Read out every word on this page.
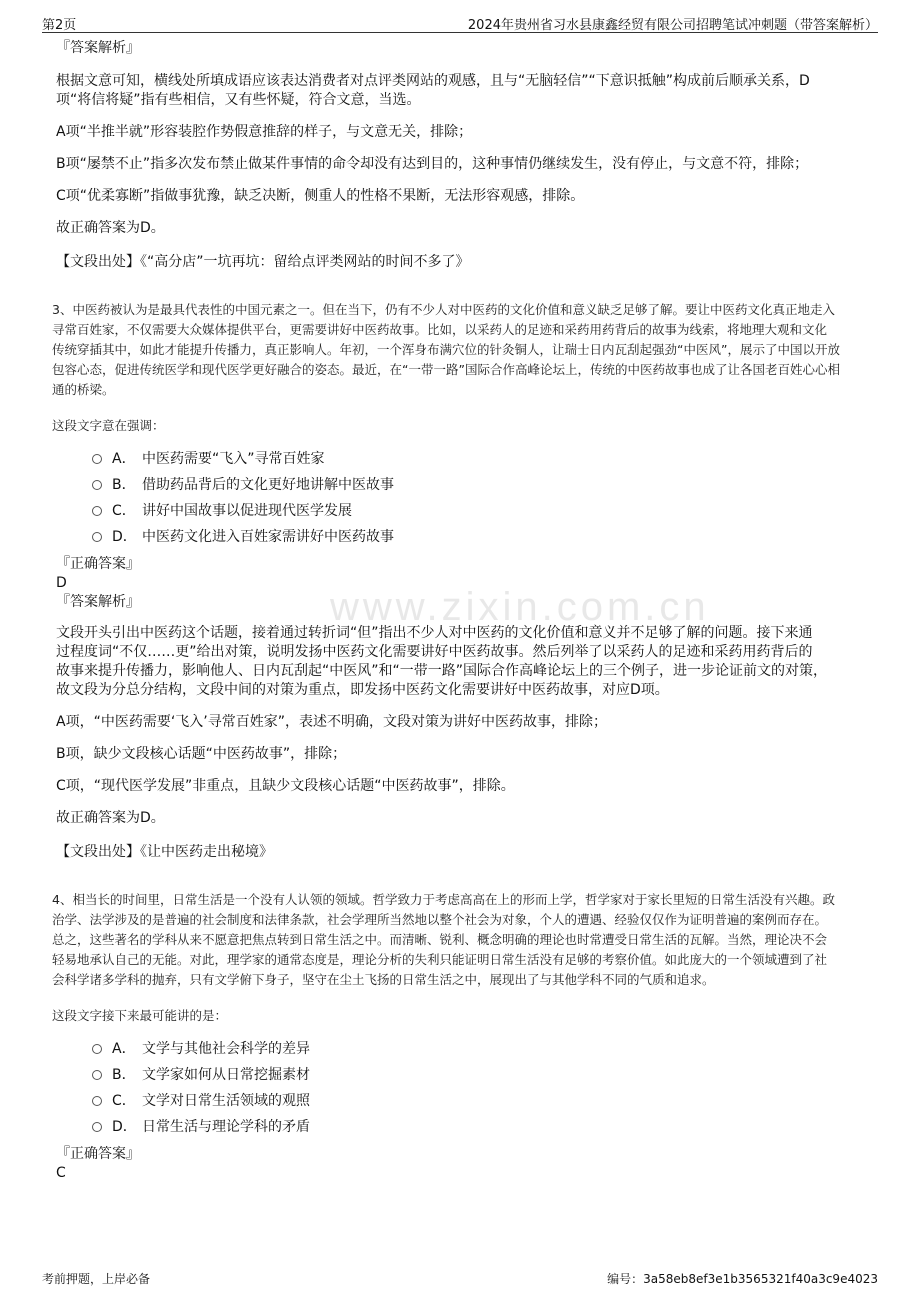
第2页	2024年贵州省习水县康鑫经贸有限公司招聘笔试冲刺题（带答案解析）
www.zixin.com.cn
『答案解析』
根据文意可知，横线处所填成语应该表达消费者对点评类网站的观感，且与“无脑轻信”“下意识抵触”构成前后顺承关系，D
项“将信将疑”指有些相信，又有些怀疑，符合文意，当选。
A项“半推半就”形容装腔作势假意推辞的样子，与文意无关，排除；
B项“屡禁不止”指多次发布禁止做某件事情的命令却没有达到目的，这种事情仍继续发生，没有停止，与文意不符，排除；
C项“优柔寡断”指做事犹豫，缺乏决断，侧重人的性格不果断，无法形容观感，排除。
故正确答案为D。
【文段出处】《“高分店”一坑再坑：留给点评类网站的时间不多了》
3、中医药被认为是最具代表性的中国元素之一。但在当下，仍有不少人对中医药的文化价值和意义缺乏足够了解。要让中医药文化真正地走入
寻常百姓家，不仅需要大众媒体提供平台，更需要讲好中医药故事。比如，以采药人的足迹和采药用药背后的故事为线索，将地理大观和文化
传统穿插其中，如此才能提升传播力，真正影响人。年初，一个浑身布满穴位的针灸铜人，让瑞士日内瓦刮起强劲“中医风”，展示了中国以开放
包容心态，促进传统医学和现代医学更好融合的姿态。最近，在“一带一路”国际合作高峰论坛上，传统的中医药故事也成了让各国老百姓心心相
通的桥梁。
这段文字意在强调：
A． 中医药需要“飞入”寻常百姓家
B． 借助药品背后的文化更好地讲解中医故事
C． 讲好中国故事以促进现代医学发展
D． 中医药文化进入百姓家需讲好中医药故事
『正确答案』
D
『答案解析』
文段开头引出中医药这个话题，接着通过转折词“但”指出不少人对中医药的文化价值和意义并不足够了解的问题。接下来通
过程度词“不仅……更”给出对策，说明发扬中医药文化需要讲好中医药故事。然后列举了以采药人的足迹和采药用药背后的
故事来提升传播力，影响他人、日内瓦刮起“中医风”和“一带一路”国际合作高峰论坛上的三个例子，进一步论证前文的对策，
故文段为分总分结构，文段中间的对策为重点，即发扬中医药文化需要讲好中医药故事，对应D项。
A项，“中医药需要‘飞入’寻常百姓家”，表述不明确，文段对策为讲好中医药故事，排除；
B项，缺少文段核心话题“中医药故事”，排除；
C项，“现代医学发展”非重点，且缺少文段核心话题“中医药故事”，排除。
故正确答案为D。
【文段出处】《让中医药走出秘境》
4、相当长的时间里，日常生活是一个没有人认领的领域。哲学致力于考虑高高在上的形而上学，哲学家对于家长里短的日常生活没有兴趣。政
治学、法学涉及的是普遍的社会制度和法律条款，社会学理所当然地以整个社会为对象，个人的遭遇、经验仅仅作为证明普遍的案例而存在。
总之，这些著名的学科从来不愿意把焦点转到日常生活之中。而清晰、锐利、概念明确的理论也时常遭受日常生活的瓦解。当然，理论决不会
轻易地承认自己的无能。对此，理学家的通常态度是，理论分析的失利只能证明日常生活没有足够的考察价值。如此庞大的一个领域遭到了社
会科学诸多学科的抛弃，只有文学俯下身子，坚守在尘土飞扬的日常生活之中，展现出了与其他学科不同的气质和追求。
这段文字接下来最可能讲的是：
A． 文学与其他社会科学的差异
B． 文学家如何从日常挖掘素材
C． 文学对日常生活领域的观照
D． 日常生活与理论学科的矛盾
『正确答案』
C
考前押题，上岸必备	编号：3a58eb8ef3e1b3565321f40a3c9e4023
